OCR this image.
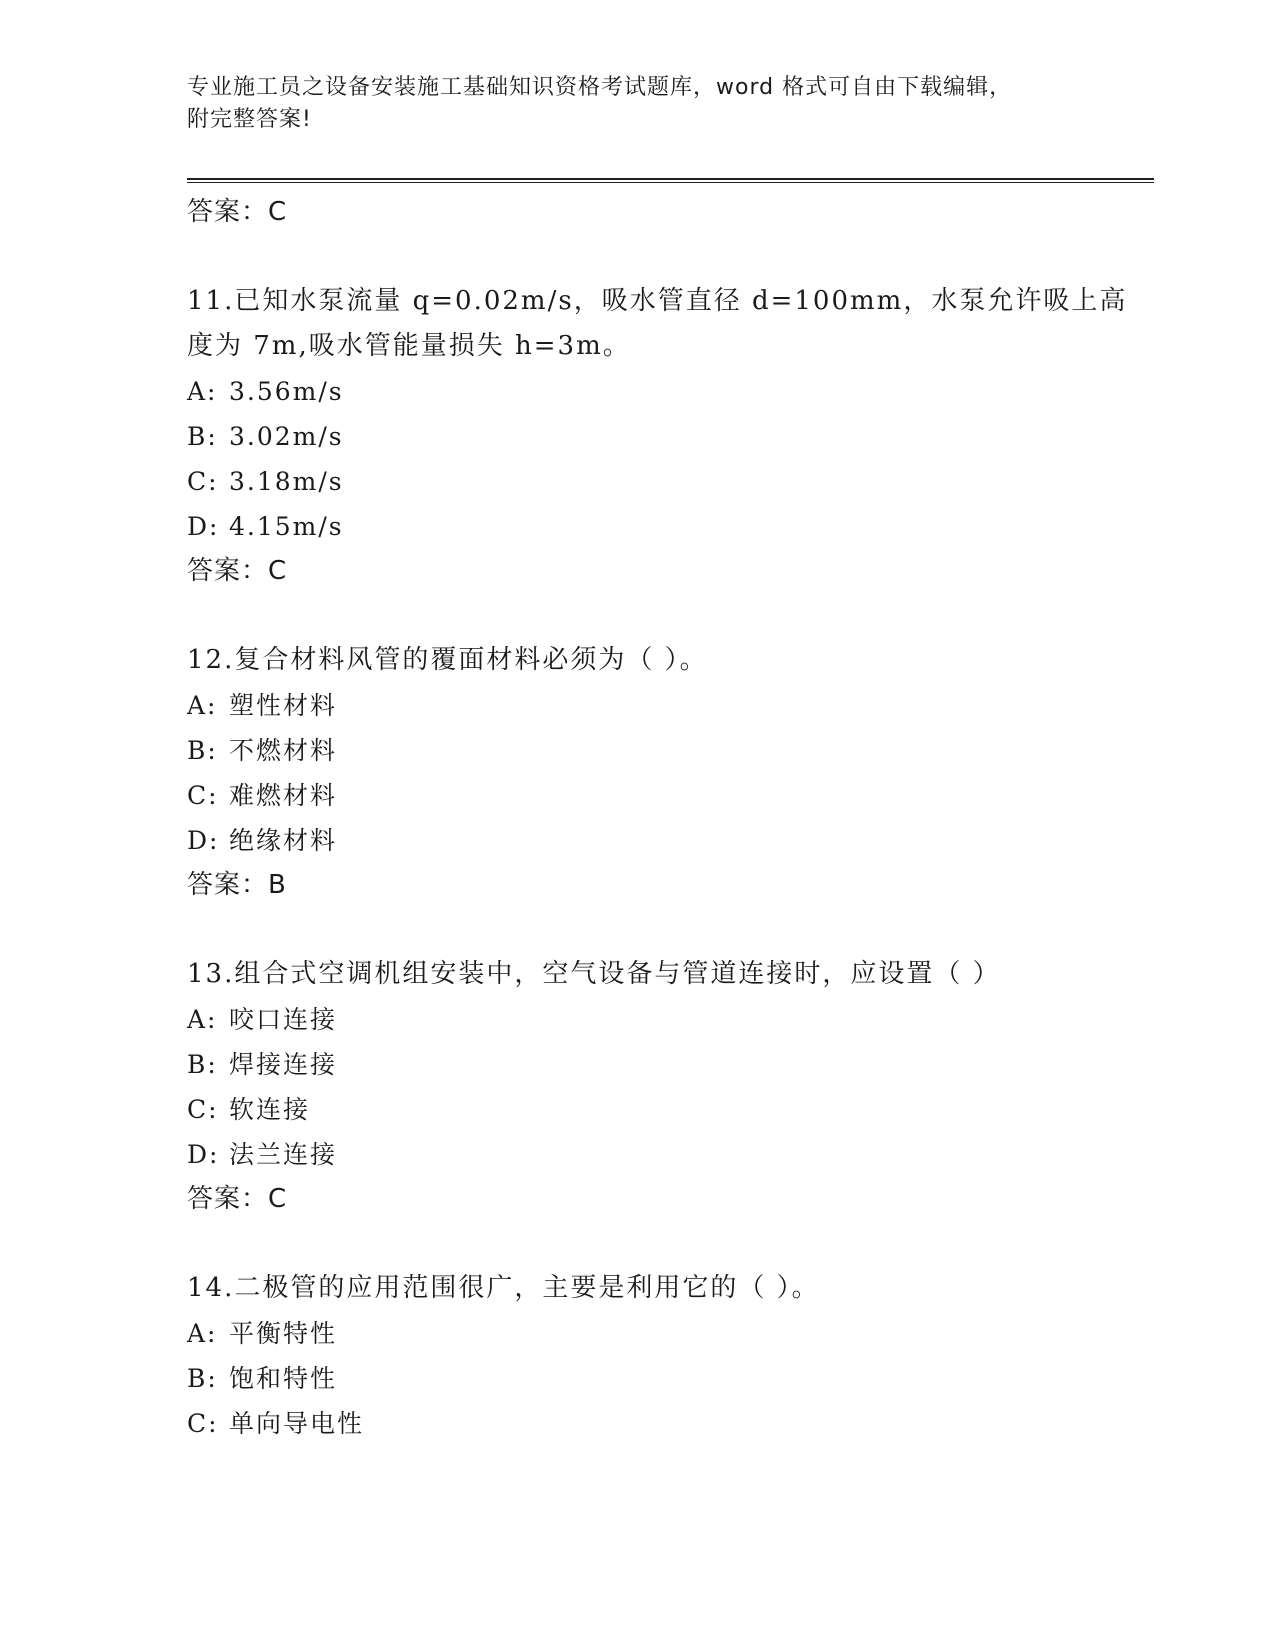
专业施工员之设备安装施工基础知识资格考试题库，word 格式可自由下载编辑，
附完整答案!

答案：C

11.已知水泵流量 q=0.02m/s，吸水管直径 d=100mm，水泵允许吸上高
度为 7m,吸水管能量损失 h=3m。

A: 3.56m/s

B: 3.02m/s

C: 3.18m/s

D: 4.15m/s

答案：C

12.复合材料风管的覆面材料必须为（ ）。

A: 塑性材料

B: 不燃材料

C: 难燃材料

D: 绝缘材料

答案：B

13.组合式空调机组安装中，空气设备与管道连接时，应设置（ ）

A: 咬口连接

B: 焊接连接

C: 软连接

D: 法兰连接

答案：C

14.二极管的应用范围很广，主要是利用它的（ ）。

A: 平衡特性

B: 饱和特性

C: 单向导电性
